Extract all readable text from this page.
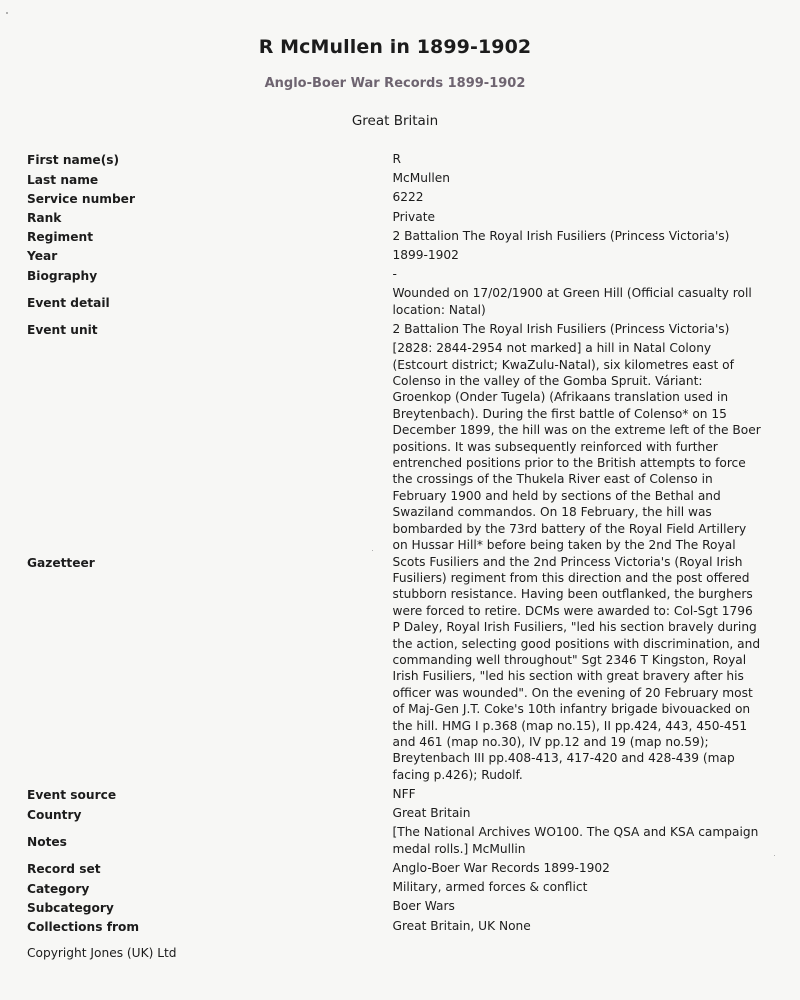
R McMullen in 1899-1902
Anglo-Boer War Records 1899-1902
Great Britain
First name(s)	R
Last name	McMullen
Service number	6222
Rank	Private
Regiment	2 Battalion The Royal Irish Fusiliers (Princess Victoria's)
Year	1899-1902
Biography	-
Event detail	Wounded on 17/02/1900 at Green Hill (Official casualty roll location: Natal)
Event unit	2 Battalion The Royal Irish Fusiliers (Princess Victoria's)
Gazetteer	[2828: 2844-2954 not marked] a hill in Natal Colony (Estcourt district; KwaZulu-Natal), six kilometres east of Colenso in the valley of the Gomba Spruit. Váriant: Groenkop (Onder Tugela) (Afrikaans translation used in Breytenbach). During the first battle of Colenso* on 15 December 1899, the hill was on the extreme left of the Boer positions. It was subsequently reinforced with further entrenched positions prior to the British attempts to force the crossings of the Thukela River east of Colenso in February 1900 and held by sections of the Bethal and Swaziland commandos. On 18 February, the hill was bombarded by the 73rd battery of the Royal Field Artillery on Hussar Hill* before being taken by the 2nd The Royal Scots Fusiliers and the 2nd Princess Victoria's (Royal Irish Fusiliers) regiment from this direction and the post offered stubborn resistance. Having been outflanked, the burghers were forced to retire. DCMs were awarded to: Col-Sgt 1796 P Daley, Royal Irish Fusiliers, "led his section bravely during the action, selecting good positions with discrimination, and commanding well throughout" Sgt 2346 T Kingston, Royal Irish Fusiliers, "led his section with great bravery after his officer was wounded". On the evening of 20 February most of Maj-Gen J.T. Coke's 10th infantry brigade bivouacked on the hill. HMG I p.368 (map no.15), II pp.424, 443, 450-451 and 461 (map no.30), IV pp.12 and 19 (map no.59); Breytenbach III pp.408-413, 417-420 and 428-439 (map facing p.426); Rudolf.
Event source	NFF
Country	Great Britain
Notes	[The National Archives WO100. The QSA and KSA campaign medal rolls.] McMullin
Record set	Anglo-Boer War Records 1899-1902
Category	Military, armed forces & conflict
Subcategory	Boer Wars
Collections from	Great Britain, UK None
Copyright Jones (UK) Ltd
